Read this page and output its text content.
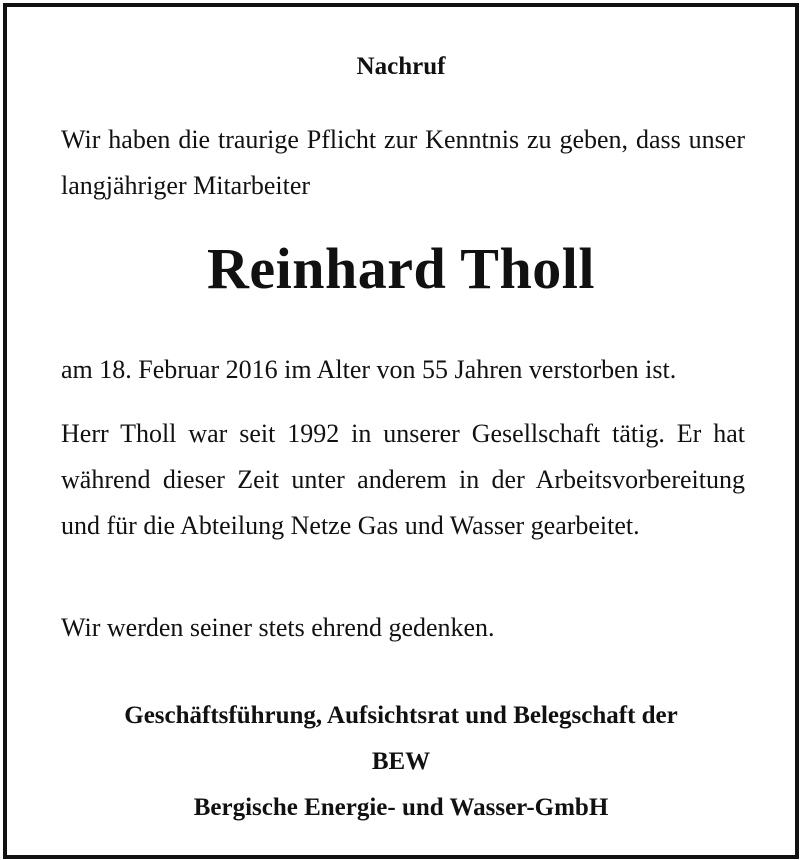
Nachruf
Wir haben die traurige Pflicht zur Kenntnis zu geben, dass unser langjähriger Mitarbeiter
Reinhard Tholl
am 18. Februar 2016 im Alter von 55 Jahren verstorben ist.
Herr Tholl war seit 1992 in unserer Gesellschaft tätig. Er hat während dieser Zeit unter anderem in der Arbeitsvorbereitung und für die Abteilung Netze Gas und Wasser gearbeitet.
Wir werden seiner stets ehrend gedenken.
Geschäftsführung, Aufsichtsrat und Belegschaft der
BEW
Bergische Energie- und Wasser-GmbH
